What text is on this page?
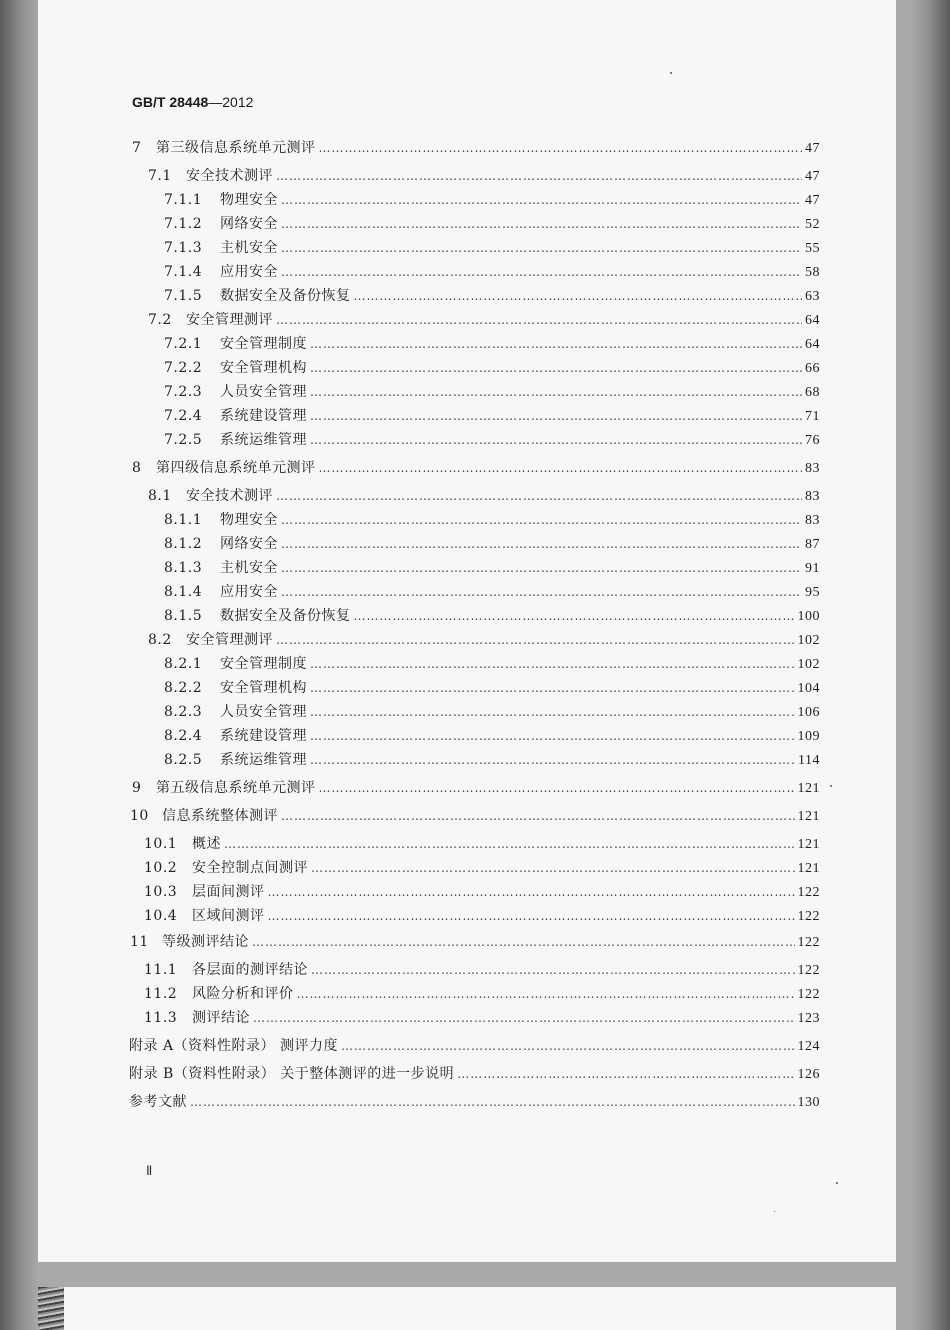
GB/T 28448—2012
7	第三级信息系统单元测评 ………………………………………………………………………………………………………………………………………………………………………………………………………	47
7.1	安全技术测评 ………………………………………………………………………………………………………………………………………………………………………………………………………	47
7.1.1	物理安全 ………………………………………………………………………………………………………………………………………………………………………………………………………	47
7.1.2	网络安全 ………………………………………………………………………………………………………………………………………………………………………………………………………	52
7.1.3	主机安全 ………………………………………………………………………………………………………………………………………………………………………………………………………	55
7.1.4	应用安全 ………………………………………………………………………………………………………………………………………………………………………………………………………	58
7.1.5	数据安全及备份恢复 ………………………………………………………………………………………………………………………………………………………………………………………………………	63
7.2	安全管理测评 ………………………………………………………………………………………………………………………………………………………………………………………………………	64
7.2.1	安全管理制度 ………………………………………………………………………………………………………………………………………………………………………………………………………	64
7.2.2	安全管理机构 ………………………………………………………………………………………………………………………………………………………………………………………………………	66
7.2.3	人员安全管理 ………………………………………………………………………………………………………………………………………………………………………………………………………	68
7.2.4	系统建设管理 ………………………………………………………………………………………………………………………………………………………………………………………………………	71
7.2.5	系统运维管理 ………………………………………………………………………………………………………………………………………………………………………………………………………	76
8	第四级信息系统单元测评 ………………………………………………………………………………………………………………………………………………………………………………………………………	83
8.1	安全技术测评 ………………………………………………………………………………………………………………………………………………………………………………………………………	83
8.1.1	物理安全 ………………………………………………………………………………………………………………………………………………………………………………………………………	83
8.1.2	网络安全 ………………………………………………………………………………………………………………………………………………………………………………………………………	87
8.1.3	主机安全 ………………………………………………………………………………………………………………………………………………………………………………………………………	91
8.1.4	应用安全 ………………………………………………………………………………………………………………………………………………………………………………………………………	95
8.1.5	数据安全及备份恢复 ………………………………………………………………………………………………………………………………………………………………………………………………………	100
8.2	安全管理测评 ………………………………………………………………………………………………………………………………………………………………………………………………………	102
8.2.1	安全管理制度 ………………………………………………………………………………………………………………………………………………………………………………………………………	102
8.2.2	安全管理机构 ………………………………………………………………………………………………………………………………………………………………………………………………………	104
8.2.3	人员安全管理 ………………………………………………………………………………………………………………………………………………………………………………………………………	106
8.2.4	系统建设管理 ………………………………………………………………………………………………………………………………………………………………………………………………………	109
8.2.5	系统运维管理 ………………………………………………………………………………………………………………………………………………………………………………………………………	114
9	第五级信息系统单元测评 ………………………………………………………………………………………………………………………………………………………………………………………………………	121
10 信息系统整体测评 ………………………………………………………………………………………………………………………………………………………………………………………………………	121
10.1	概述 ………………………………………………………………………………………………………………………………………………………………………………………………………	121
10.2	安全控制点间测评 ………………………………………………………………………………………………………………………………………………………………………………………………………	121
10.3	层面间测评 ………………………………………………………………………………………………………………………………………………………………………………………………………	122
10.4	区域间测评 ………………………………………………………………………………………………………………………………………………………………………………………………………	122
11 等级测评结论 ………………………………………………………………………………………………………………………………………………………………………………………………………	122
11.1	各层面的测评结论 ………………………………………………………………………………………………………………………………………………………………………………………………………	122
11.2	风险分析和评价 ………………………………………………………………………………………………………………………………………………………………………………………………………	122
11.3	测评结论 ………………………………………………………………………………………………………………………………………………………………………………………………………	123
附录 A（资料性附录） 测评力度 ………………………………………………………………………………………………………………………………………………………………………………………………………	124
附录 B（资料性附录） 关于整体测评的进一步说明 ………………………………………………………………………………………………………………………………………………………………………………………………………	126
参考文献 ………………………………………………………………………………………………………………………………………………………………………………………………………	130
Ⅱ
